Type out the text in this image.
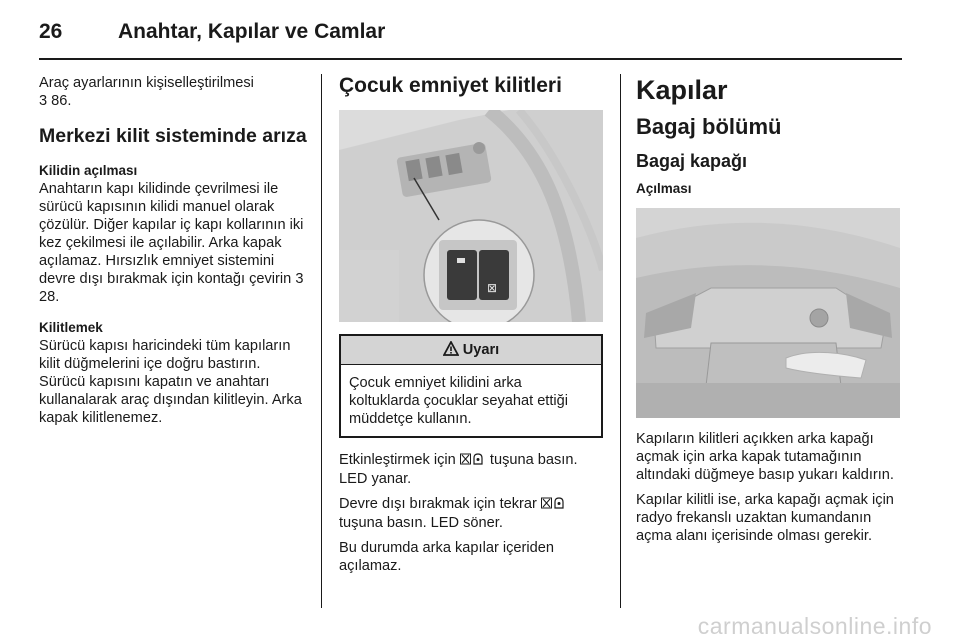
26	Anahtar, Kapılar ve Camlar
Araç ayarlarının kişiselleştirilmesi
3 86.
Merkezi kilit sisteminde arıza
Kilidin açılması
Anahtarın kapı kilidinde çevrilmesi ile sürücü kapısının kilidi manuel olarak çözülür. Diğer kapılar iç kapı kollarının iki kez çekilmesi ile açılabilir. Arka kapak açılamaz. Hırsızlık emniyet sistemini devre dışı bırakmak için kontağı çevirin 3 28.
Kilitlemek
Sürücü kapısı haricindeki tüm kapıların kilit düğmelerini içe doğru bastırın. Sürücü kapısını kapatın ve anahtarı kullanalarak araç dışından kilitleyin. Arka kapak kilitlenemez.
Çocuk emniyet kilitleri
⊠
Uyarı
Çocuk emniyet kilidini arka koltuklarda çocuklar seyahat ettiği müddetçe kullanın.
Etkinleştirmek için tuşuna basın. LED yanar.
Devre dışı bırakmak için tekrar  tuşuna basın. LED söner.
Bu durumda arka kapılar içeriden açılamaz.
Kapılar
Bagaj bölümü
Bagaj kapağı
Açılması
Kapıların kilitleri açıkken arka kapağı açmak için arka kapak tutamağının altındaki düğmeye basıp yukarı kaldırın.
Kapılar kilitli ise, arka kapağı açmak için radyo frekanslı uzaktan kumandanın açma alanı içerisinde olması gerekir.
carmanualsonline.info
